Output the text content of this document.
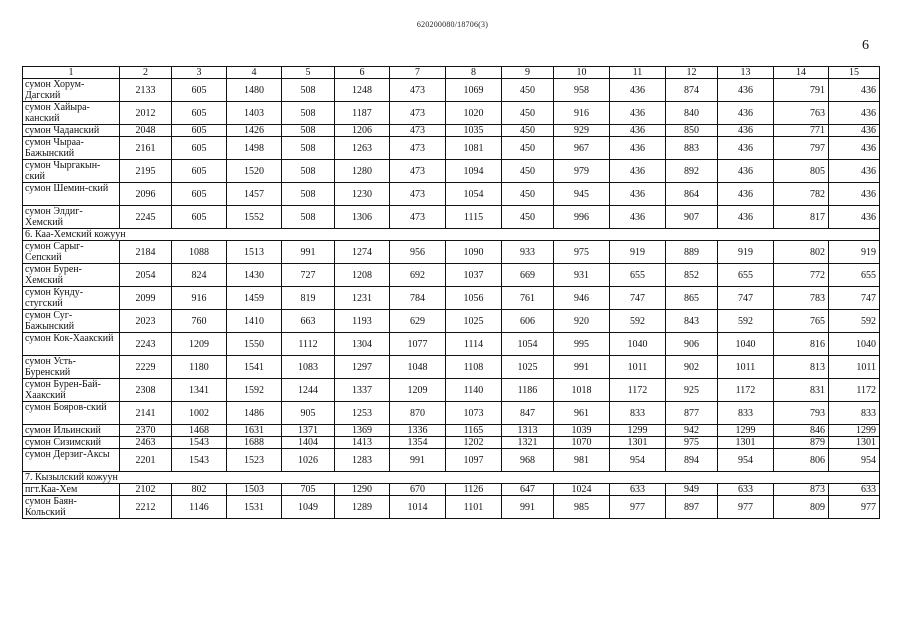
620200080/18706(3)
6
1	2	3	4	5	6	7	8	9	10	11	12	13	14	15
сумон Хорум-Дагский	2133	605	1480	508	1248	473	1069	450	958	436	874	436	791	436
сумон Хайыра-канский	2012	605	1403	508	1187	473	1020	450	916	436	840	436	763	436
сумон Чаданский	2048	605	1426	508	1206	473	1035	450	929	436	850	436	771	436
сумон Чыраа-Бажынский	2161	605	1498	508	1263	473	1081	450	967	436	883	436	797	436
сумон Чыргакын-ский	2195	605	1520	508	1280	473	1094	450	979	436	892	436	805	436
сумон Шемин-ский	2096	605	1457	508	1230	473	1054	450	945	436	864	436	782	436
сумон Элдиг-Хемский	2245	605	1552	508	1306	473	1115	450	996	436	907	436	817	436
6. Каа-Хемский кожуун														
сумон Сарыг-Сепский	2184	1088	1513	991	1274	956	1090	933	975	919	889	919	802	919
сумон Бурен-Хемский	2054	824	1430	727	1208	692	1037	669	931	655	852	655	772	655
сумон Кунду-стугский	2099	916	1459	819	1231	784	1056	761	946	747	865	747	783	747
сумон Суг-Бажынский	2023	760	1410	663	1193	629	1025	606	920	592	843	592	765	592
сумон Кок-Хаакский	2243	1209	1550	1112	1304	1077	1114	1054	995	1040	906	1040	816	1040
сумон Усть-Буренский	2229	1180	1541	1083	1297	1048	1108	1025	991	1011	902	1011	813	1011
сумон Бурен-Бай-Хаакский	2308	1341	1592	1244	1337	1209	1140	1186	1018	1172	925	1172	831	1172
сумон Бояров-ский	2141	1002	1486	905	1253	870	1073	847	961	833	877	833	793	833
сумон Ильинский	2370	1468	1631	1371	1369	1336	1165	1313	1039	1299	942	1299	846	1299
сумон Сизимский	2463	1543	1688	1404	1413	1354	1202	1321	1070	1301	975	1301	879	1301
сумон Дерзиг-Аксы	2201	1543	1523	1026	1283	991	1097	968	981	954	894	954	806	954
7. Кызылский кожуун														
пгт.Каа-Хем	2102	802	1503	705	1290	670	1126	647	1024	633	949	633	873	633
сумон Баян-Кольский	2212	1146	1531	1049	1289	1014	1101	991	985	977	897	977	809	977
